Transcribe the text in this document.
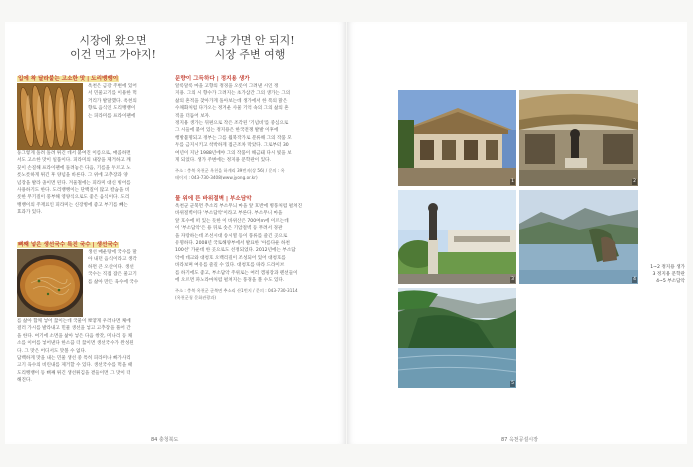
시장에 왔으면
이건 먹고 가야지!
그냥 가면 안 되지!
시장 주변 여행
입에 착 달라붙는 고소한 맛 | 도리뱅뱅이

옥천은 금강 주변에 있어

서 민물고기를 이용한 먹

거리가 발달했다. 옥천의

향토 음식인 도리뱅뱅이

는 피라미를 프라이팬에

둥그렇게 돌려 돌려 튀긴 데서 붙여진 이름으로, 매콤하면

서도 고소한 맛이 일품이다. 피라미의 내장을 제거하고 깨

끗이 손질해 프라이팬에 돌려놓은 다음, 기름을 두르고 노

릇노릇하게 튀긴 후 양념을 바른다. 그 위에 고추장과 양

념장을 발라 졸이면 된다. 겨울철에는 피라미 대신 빙어를

사용하기도 한다. 도리뱅뱅이는 단백질이 많고 칼슘을 비

롯한 무기질이 풍부해 영양식으로도 좋은 음식이다. 도리

뱅뱅이의 주재료인 피라미는 신장병에 좋고 부기를 빼는

효과가 있다.

뼈째 넣은 생선국수 특진 국수 | 생선국수

생선 매운탕에 국수를 말

아 내던 음식이라고 생각

하면 큰 오산이다. 생선

국수는 직접 잡은 물고기

를 삶아 만든 육수에 국수

를 삶아 함께 넣어 끓이는데 국물이 뽀얗게 우러나면 체에

걸러 가시를 발라내고 민물 생선을 넣고 고추장을 풀어 간

을 한다. 여기에 소면을 삶아 넣은 다음 쌍갓, 미나리 등 채

소를 이어를 넣어낸다 한소끔 더 끓이면 생선국수가 완성된

다. 그 맛은 어디서도 맛볼 수 없다.

담백하게 맛을 내는 민물 생선 중 특히 피라미나 빠가사리

고기 육수의 비린내를 제거할 수 있다. 생선국수를 먹을 때

도리뱅뱅이 등 뼈째 튀긴 생선튀김을 곁들이면 그 맛이 더

해진다.

문향이 그득하다 | 정지용 생가

알록달록 마을 고향의 정경을 오롯이 그려낸 시인 정

지용. 그의 시 향수가 그려지는 초가삼간 그의 생가는 그의

삶의 흔적을 찾아가게 돌아보는데 생가에서 한 폭의 맑은

수채화처럼 다가오는 정겨운 사물 기억 속의 그의 삶의 흔

적을 더듬어 보자.

정지용 생가는 뒤편으로 작은 조각된 '기념비'를 중심으로

그 시들에 붙어 있는 정지용은 한국전쟁 발발 이후에

행방불명되고 정부는 그를 월북작가로 분류해 그의 작품 모

두를 금지시키고 착박하게 접근조차 막았다. 그로부터 30

여년이 지난 1988년에야 그의 작품이 해금돼 다시 빛을 보

게 되었다. 생가 주변에는 정지용 문학관이 있다.

주소 : 충북 옥천군 옥천읍 하계리 39번지(상 56) / 문의 : 옥

테이지 : 043-730-3408(www.jyong.or.kr)

물 위에 뜬 바위절벽 | 부소담악

옥천군 군북면 추소리 부소무늬 마을 앞 호반에 병풍처럼 펼쳐진

바위절벽이다 '부소담악'이라고 부른다. 부소무니 마을

앞 호수에 떠 있는 듯한 이 바위산은 700여m에 이르는데

이 '부소담악'은 용 뒤로 솟은 기암절벽 등 무려서 경관

을 자랑하는데 조선시대 송시열 등이 풍류를 즐긴 곳으로

유명하다. 2008년 국토해양부에서 발표한 '아름다운 하천

100선' 가운데 한 곳으로도 선정되었다. 2012년에는 부소담

악에 데크와 대청호 오백리길이 조성되어 있어 대청호를

바라보며 여유를 즐길 수 있다. 대청호를 따라 드라이브

를 하기에도 좋고, 부소담악 주위로는 여러 캠핑장과 펜션들이

에 오르면 파노라마처럼 펼쳐지는 풍경을 볼 수도 있다.

주소 : 충북 옥천군 군북면 추소리 산1번지 / 문의 : 043-730-3114

(옥천군청 문화관광과)

84 충청북도
1	2
3	4
5

1~2 정지용 생가

3 정지용 문학관

4~5 부소담악

87 옥천공설시장
